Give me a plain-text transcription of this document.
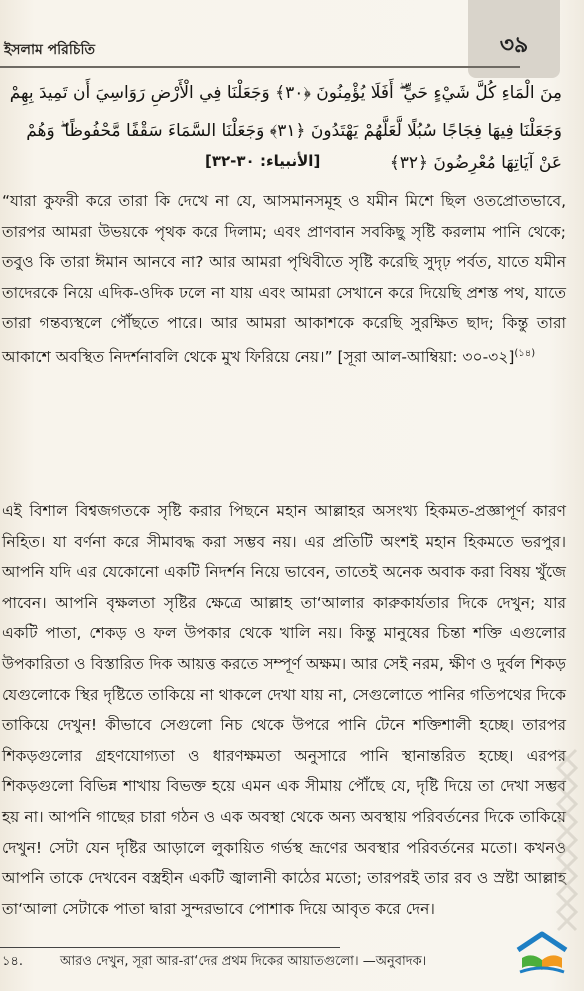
৩৯
ইসলাম পরিচিতি
مِنَ الْمَاءِ كُلَّ شَيْءٍ حَيٍّ ۖ أَفَلَا يُؤْمِنُونَ ﴿٣٠﴾ وَجَعَلْنَا فِي الْأَرْضِ رَوَاسِيَ أَن تَمِيدَ بِهِمْ
وَجَعَلْنَا فِيهَا فِجَاجًا سُبُلًا لَّعَلَّهُمْ يَهْتَدُونَ ﴿٣١﴾ وَجَعَلْنَا السَّمَاءَ سَقْفًا مَّحْفُوظًا ۖ وَهُمْ
عَنْ آيَاتِهَا مُعْرِضُونَ ﴿٣٢﴾
[الأنبياء: ٣٠-٣٢]

“যারা কুফরী করে তারা কি দেখে না যে, আসমানসমূহ ও যমীন মিশে ছিল ওতপ্রোতভাবে, তারপর আমরা উভয়কে পৃথক করে দিলাম; এবং প্রাণবান সবকিছু সৃষ্টি করলাম পানি থেকে; তবুও কি তারা ঈমান আনবে না? আর আমরা পৃথিবীতে সৃষ্টি করেছি সুদৃঢ় পর্বত, যাতে যমীন তাদেরকে নিয়ে এদিক-ওদিক ঢলে না যায় এবং আমরা সেখানে করে দিয়েছি প্রশস্ত পথ, যাতে তারা গন্তব্যস্থলে পৌঁছতে পারে। আর আমরা আকাশকে করেছি সুরক্ষিত ছাদ; কিন্তু তারা আকাশে অবস্থিত নিদর্শনাবলি থেকে মুখ ফিরিয়ে নেয়।” [সূরা আল-আম্বিয়া: ৩০-৩২]$^{(১৪)}$

এই বিশাল বিশ্বজগতকে সৃষ্টি করার পিছনে মহান আল্লাহর অসংখ্য হিকমত-প্রজ্ঞাপূর্ণ কারণ নিহিত। যা বর্ণনা করে সীমাবদ্ধ করা সম্ভব নয়। এর প্রতিটি অংশই মহান হিকমতে ভরপুর। আপনি যদি এর যেকোনো একটি নিদর্শন নিয়ে ভাবেন, তাতেই অনেক অবাক করা বিষয় খুঁজে পাবেন। আপনি বৃক্ষলতা সৃষ্টির ক্ষেত্রে আল্লাহ তা‘আলার কারুকার্যতার দিকে দেখুন; যার একটি পাতা, শেকড় ও ফল উপকার থেকে খালি নয়। কিন্তু মানুষের চিন্তা শক্তি এগুলোর উপকারিতা ও বিস্তারিত দিক আয়ত্ত করতে সম্পূর্ণ অক্ষম। আর সেই নরম, ক্ষীণ ও দুর্বল শিকড় যেগুলোকে স্থির দৃষ্টিতে তাকিয়ে না থাকলে দেখা যায় না, সেগুলোতে পানির গতিপথের দিকে তাকিয়ে দেখুন! কীভাবে সেগুলো নিচ থেকে উপরে পানি টেনে শক্তিশালী হচ্ছে। তারপর শিকড়গুলোর গ্রহণযোগ্যতা ও ধারণক্ষমতা অনুসারে পানি স্থানান্তরিত হচ্ছে। এরপর শিকড়গুলো বিভিন্ন শাখায় বিভক্ত হয়ে এমন এক সীমায় পৌঁছে যে, দৃষ্টি দিয়ে তা দেখা সম্ভব হয় না। আপনি গাছের চারা গঠন ও এক অবস্থা থেকে অন্য অবস্থায় পরিবর্তনের দিকে তাকিয়ে দেখুন! সেটা যেন দৃষ্টির আড়ালে লুকায়িত গর্ভস্থ ভ্রূণের অবস্থার পরিবর্তনের মতো। কখনও আপনি তাকে দেখবেন বস্ত্রহীন একটি জ্বালানী কাঠের মতো; তারপরই তার রব ও স্রষ্টা আল্লাহ তা‘আলা সেটাকে পাতা দ্বারা সুন্দরভাবে পোশাক দিয়ে আবৃত করে দেন।

১৪.	আরও দেখুন, সূরা আর-রা‘দের প্রথম দিকের আয়াতগুলো। —অনুবাদক।
